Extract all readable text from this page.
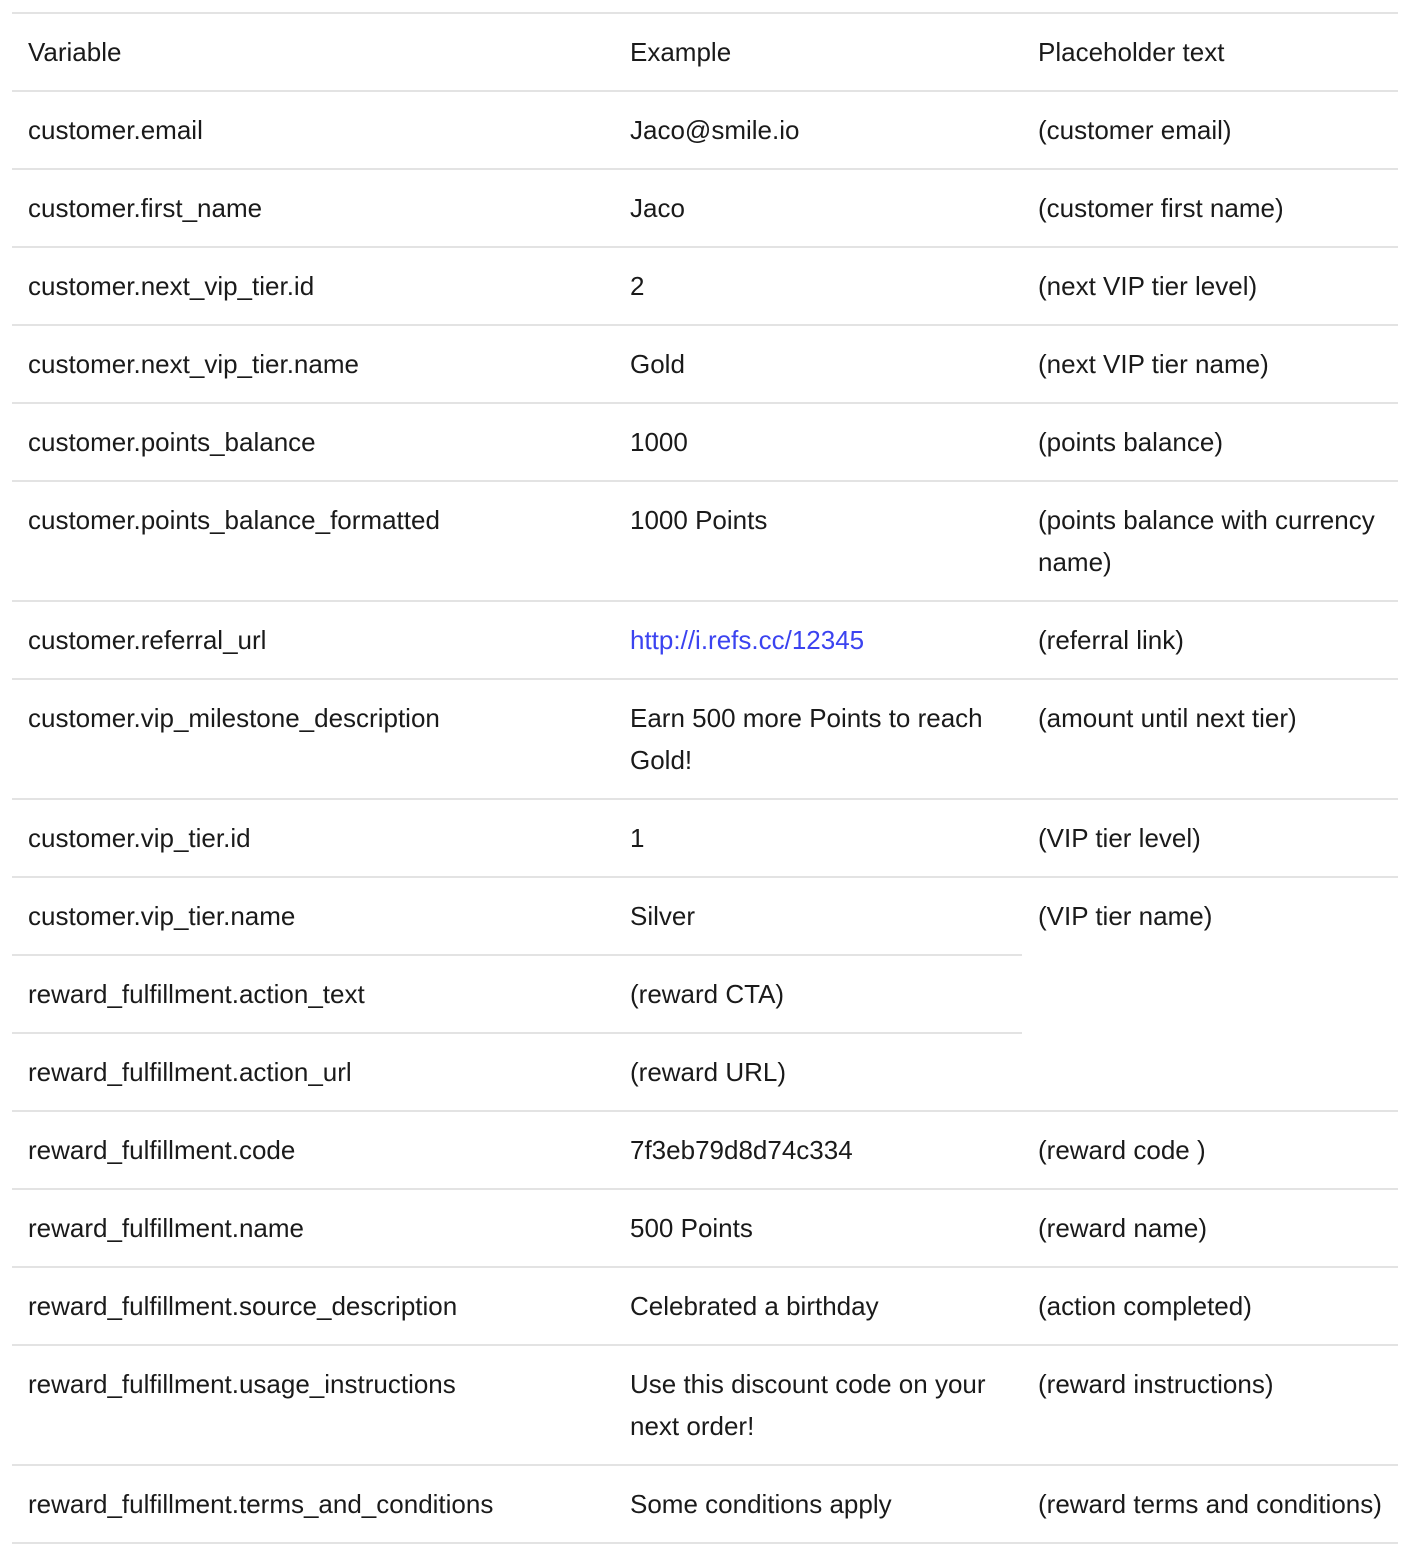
Variable	Example	Placeholder text
customer.email	Jaco@smile.io	(customer email)
customer.first_name	Jaco	(customer first name)
customer.next_vip_tier.id	2	(next VIP tier level)
customer.next_vip_tier.name	Gold	(next VIP tier name)
customer.points_balance	1000	(points balance)
customer.points_balance_formatted	1000 Points	(points balance with currency name)
customer.referral_url	http://i.refs.cc/12345	(referral link)
customer.vip_milestone_description	Earn 500 more Points to reach Gold!	(amount until next tier)
customer.vip_tier.id	1	(VIP tier level)
customer.vip_tier.name	Silver	(VIP tier name)
reward_fulfillment.action_text	(reward CTA)	
reward_fulfillment.action_url	(reward URL)	
reward_fulfillment.code	7f3eb79d8d74c334	(reward code )
reward_fulfillment.name	500 Points	(reward name)
reward_fulfillment.source_description	Celebrated a birthday	(action completed)
reward_fulfillment.usage_instructions	Use this discount code on your next order!	(reward instructions)
reward_fulfillment.terms_and_conditions	Some conditions apply	(reward terms and conditions)
